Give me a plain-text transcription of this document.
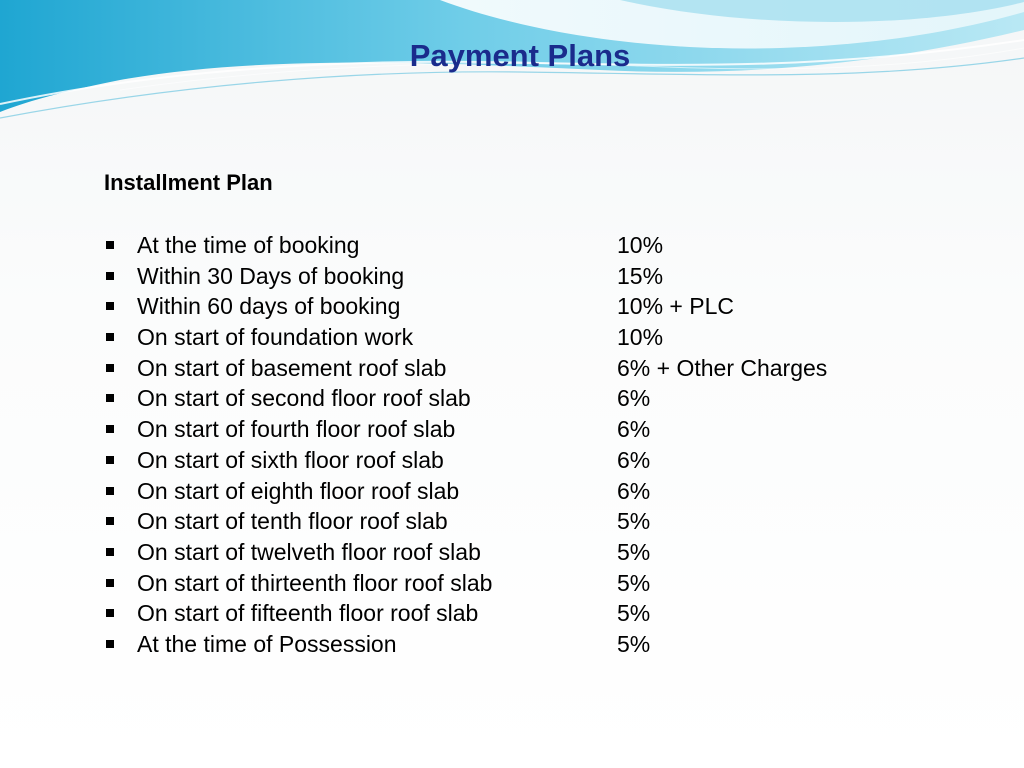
Payment Plans
Installment Plan
At the time of booking	10%
Within 30 Days of booking	15%
Within 60 days of booking	10% + PLC
On start of foundation work	10%
On start of basement roof slab	6% + Other Charges
On start of second floor roof slab	6%
On start of fourth floor roof slab	6%
On start of sixth floor roof slab	6%
On start of eighth floor roof slab	6%
On start of tenth floor roof slab	5%
On start of twelveth floor roof slab	5%
On start of thirteenth floor roof slab	5%
On start of fifteenth floor roof slab	5%
At the time of Possession	5%
